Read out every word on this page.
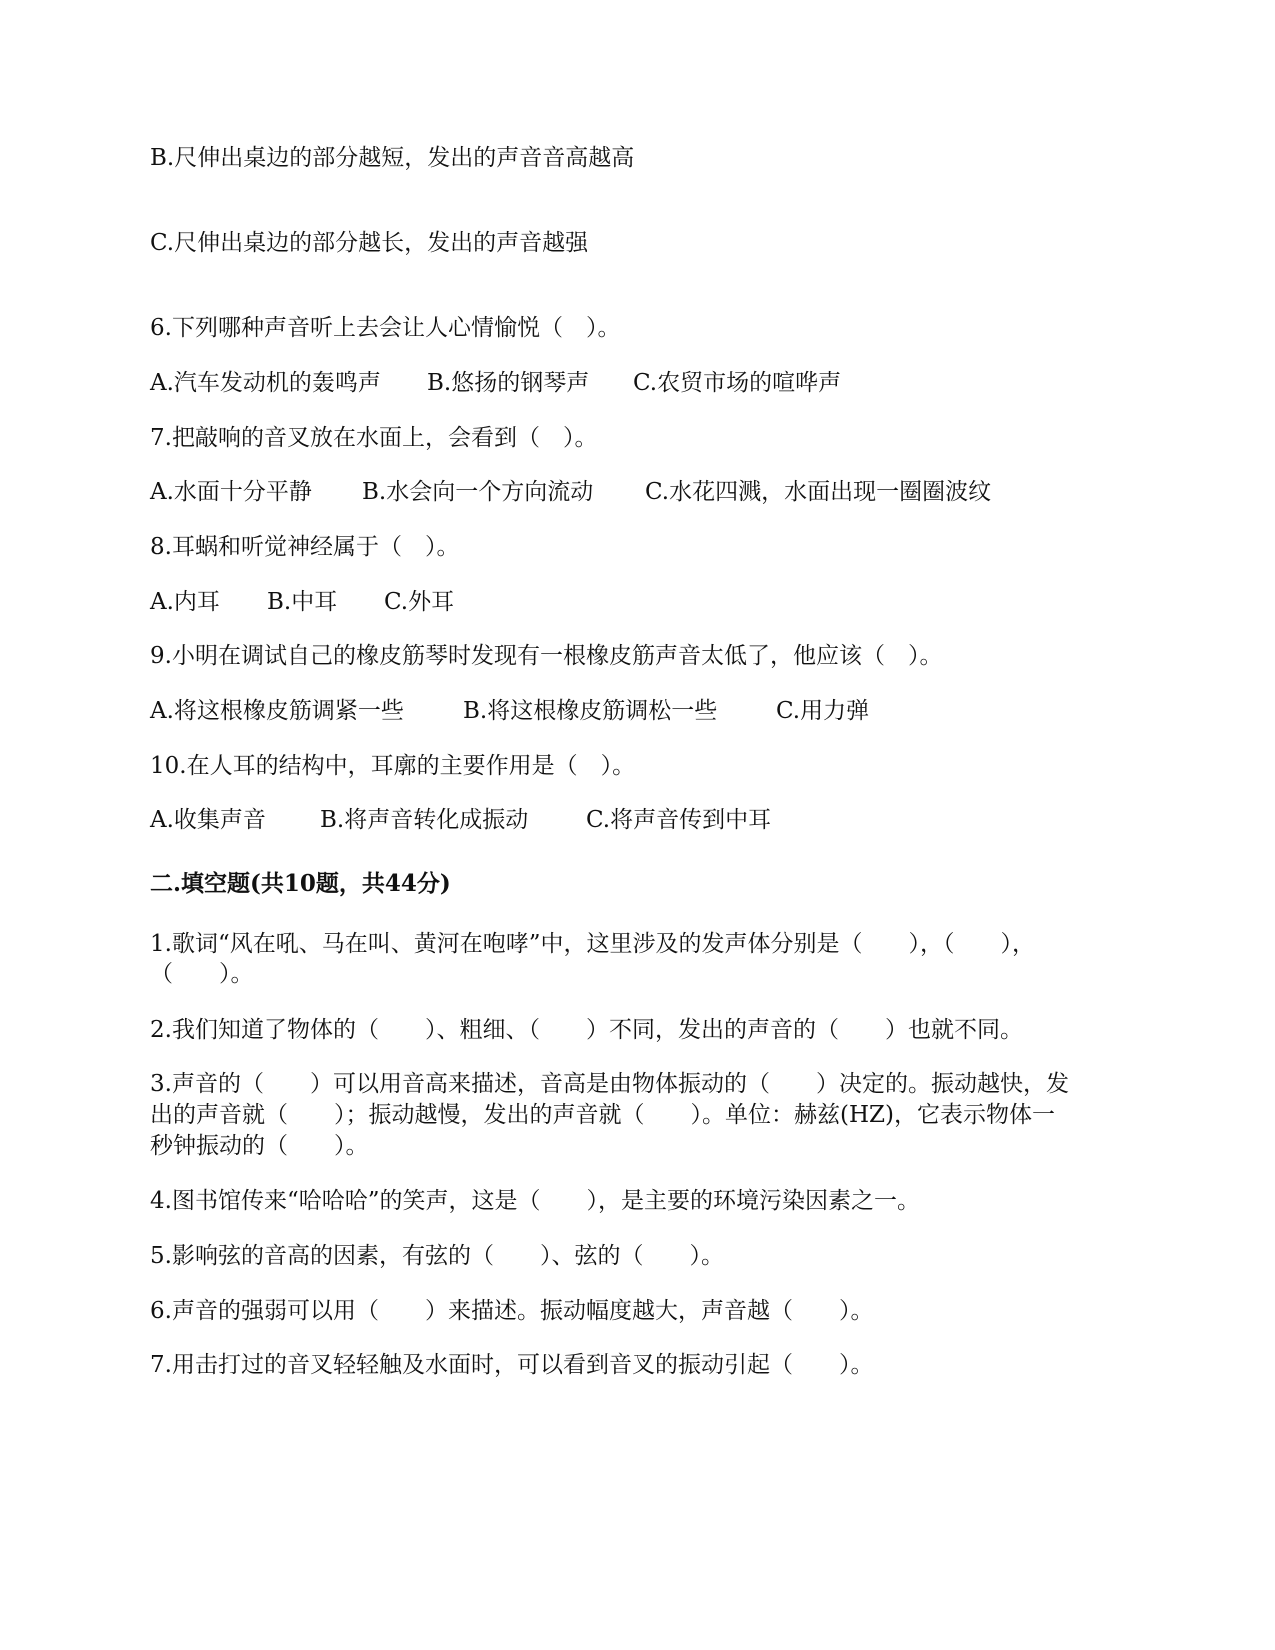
B.尺伸出桌边的部分越短，发出的声音音高越高
C.尺伸出桌边的部分越长，发出的声音越强
6.下列哪种声音听上去会让人心情愉悦（　）。
A.汽车发动机的轰鸣声 B.悠扬的钢琴声 C.农贸市场的喧哗声
7.把敲响的音叉放在水面上，会看到（　）。
A.水面十分平静 B.水会向一个方向流动 C.水花四溅，水面出现一圈圈波纹
8.耳蜗和听觉神经属于（　）。
A.内耳 B.中耳 C.外耳
9.小明在调试自己的橡皮筋琴时发现有一根橡皮筋声音太低了，他应该（　）。
A.将这根橡皮筋调紧一些	B.将这根橡皮筋调松一些	C.用力弹
10.在人耳的结构中，耳廓的主要作用是（　）。
A.收集声音 B.将声音转化成振动	C.将声音传到中耳
二.填空题(共10题，共44分)
1.歌词“风在吼、马在叫、黄河在咆哮”中，这里涉及的发声体分别是（　　），（　　），
（　　）。
2.我们知道了物体的（　　）、粗细、（　　）不同，发出的声音的（　　）也就不同。
3.声音的（　　）可以用音高来描述，音高是由物体振动的（　　）决定的。振动越快，发
出的声音就（　　）；振动越慢，发出的声音就（　　）。单位：赫兹(HZ)，它表示物体一
秒钟振动的（　　）。
4.图书馆传来“哈哈哈”的笑声，这是（　　），是主要的环境污染因素之一。
5.影响弦的音高的因素，有弦的（　　）、弦的（　　）。
6.声音的强弱可以用（　　）来描述。振动幅度越大，声音越（　　）。
7.用击打过的音叉轻轻触及水面时，可以看到音叉的振动引起（　　）。
